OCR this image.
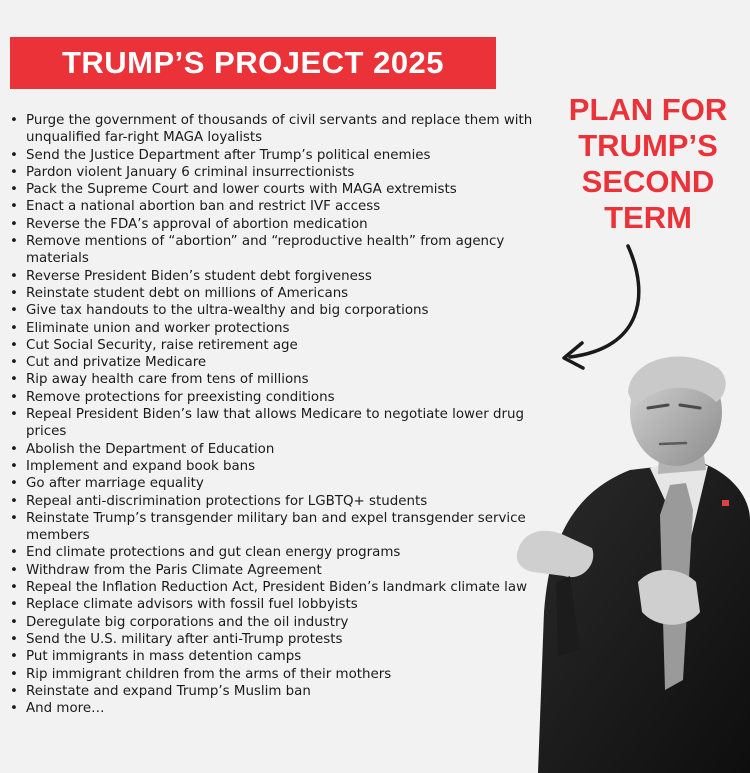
TRUMP’S PROJECT 2025
PLAN FOR
TRUMP’S
SECOND
TERM
• Purge the government of thousands of civil servants and replace them with unqualified far-right MAGA loyalists
• Send the Justice Department after Trump’s political enemies
• Pardon violent January 6 criminal insurrectionists
• Pack the Supreme Court and lower courts with MAGA extremists
• Enact a national abortion ban and restrict IVF access
• Reverse the FDA’s approval of abortion medication
• Remove mentions of “abortion” and “reproductive health” from agency materials
• Reverse President Biden’s student debt forgiveness
• Reinstate student debt on millions of Americans
• Give tax handouts to the ultra-wealthy and big corporations
• Eliminate union and worker protections
• Cut Social Security, raise retirement age
• Cut and privatize Medicare
• Rip away health care from tens of millions
• Remove protections for preexisting conditions
• Repeal President Biden’s law that allows Medicare to negotiate lower drug prices
• Abolish the Department of Education
• Implement and expand book bans
• Go after marriage equality
• Repeal anti-discrimination protections for LGBTQ+ students
• Reinstate Trump’s transgender military ban and expel transgender service members
• End climate protections and gut clean energy programs
• Withdraw from the Paris Climate Agreement
• Repeal the Inflation Reduction Act, President Biden’s landmark climate law
• Replace climate advisors with fossil fuel lobbyists
• Deregulate big corporations and the oil industry
• Send the U.S. military after anti-Trump protests
• Put immigrants in mass detention camps
• Rip immigrant children from the arms of their mothers
• Reinstate and expand Trump’s Muslim ban
• And more…
